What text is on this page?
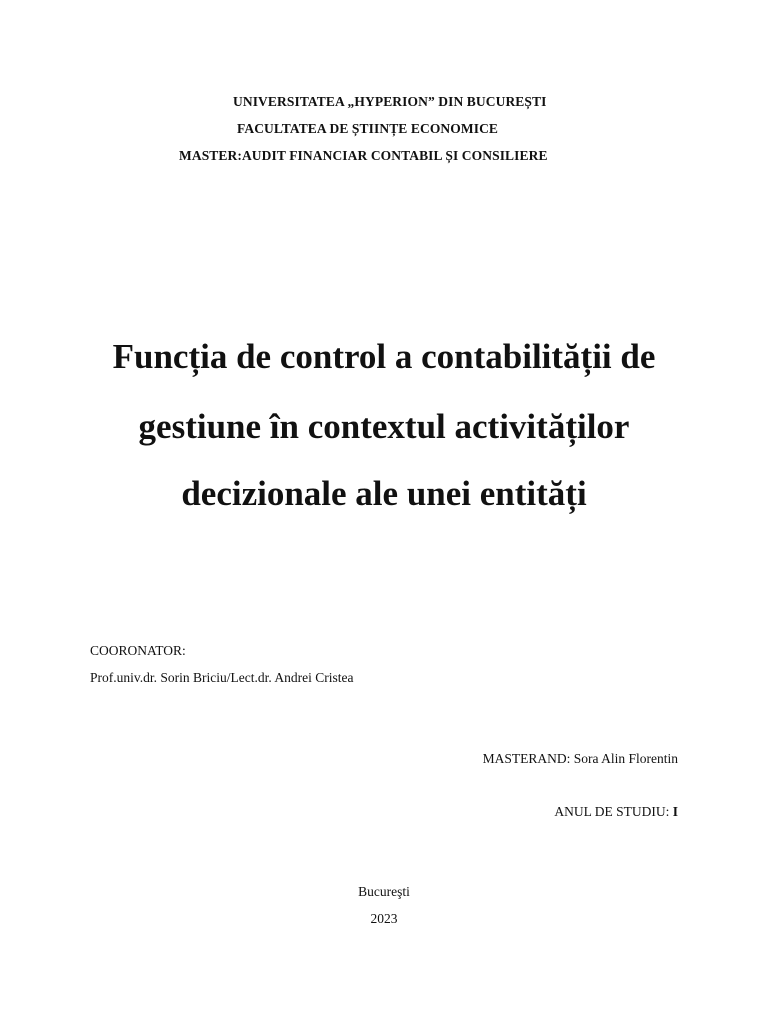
UNIVERSITATEA „HYPERION” DIN BUCUREȘTI
FACULTATEA DE ȘTIINȚE ECONOMICE
MASTER:AUDIT FINANCIAR CONTABIL ȘI CONSILIERE
Funcția de control a contabilității de
gestiune în contextul activităților
decizionale ale unei entități
COORONATOR:
Prof.univ.dr. Sorin Briciu/Lect.dr. Andrei Cristea
MASTERAND: Sora Alin Florentin
ANUL DE STUDIU: I
Bucureşti
2023
